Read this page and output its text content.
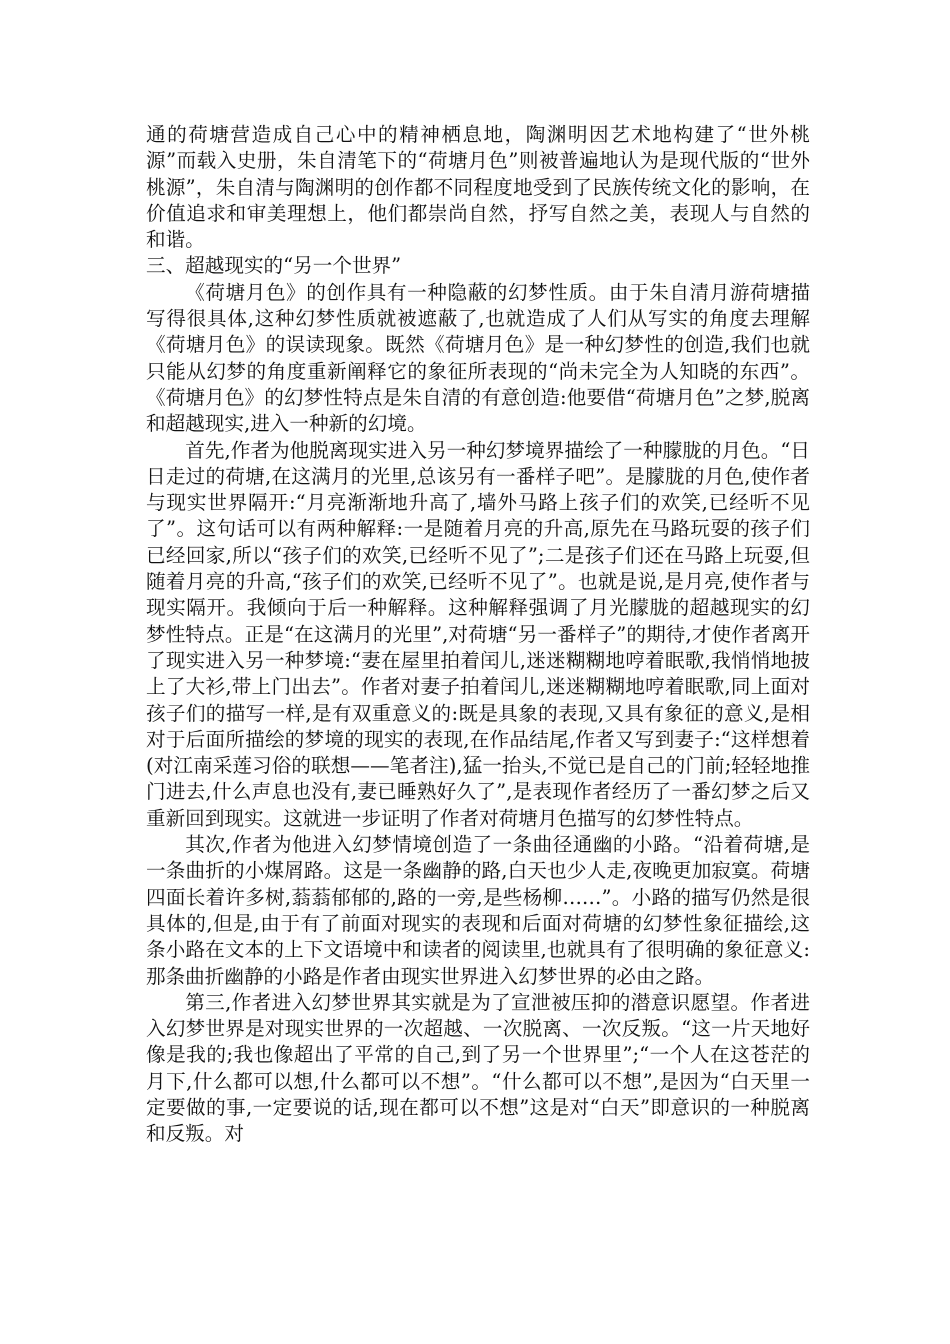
通的荷塘营造成自己心中的精神栖息地，陶渊明因艺术地构建了“世外桃源”而载入史册，朱自清笔下的“荷塘月色”则被普遍地认为是现代版的“世外桃源”，朱自清与陶渊明的创作都不同程度地受到了民族传统文化的影响，在价值追求和审美理想上，他们都崇尚自然，抒写自然之美，表现人与自然的和谐。

三、超越现实的“另一个世界”

《荷塘月色》的创作具有一种隐蔽的幻梦性质。由于朱自清月游荷塘描写得很具体,这种幻梦性质就被遮蔽了,也就造成了人们从写实的角度去理解《荷塘月色》的误读现象。既然《荷塘月色》是一种幻梦性的创造,我们也就只能从幻梦的角度重新阐释它的象征所表现的“尚未完全为人知晓的东西”。《荷塘月色》的幻梦性特点是朱自清的有意创造:他要借“荷塘月色”之梦,脱离和超越现实,进入一种新的幻境。

首先,作者为他脱离现实进入另一种幻梦境界描绘了一种朦胧的月色。“日日走过的荷塘,在这满月的光里,总该另有一番样子吧”。是朦胧的月色,使作者与现实世界隔开:“月亮渐渐地升高了,墙外马路上孩子们的欢笑,已经听不见了”。这句话可以有两种解释:一是随着月亮的升高,原先在马路玩耍的孩子们已经回家,所以“孩子们的欢笑,已经听不见了”;二是孩子们还在马路上玩耍,但随着月亮的升高,“孩子们的欢笑,已经听不见了”。也就是说,是月亮,使作者与现实隔开。我倾向于后一种解释。这种解释强调了月光朦胧的超越现实的幻梦性特点。正是“在这满月的光里”,对荷塘“另一番样子”的期待,才使作者离开了现实进入另一种梦境:“妻在屋里拍着闰儿,迷迷糊糊地哼着眠歌,我悄悄地披上了大衫,带上门出去”。作者对妻子拍着闰儿,迷迷糊糊地哼着眠歌,同上面对孩子们的描写一样,是有双重意义的:既是具象的表现,又具有象征的意义,是相对于后面所描绘的梦境的现实的表现,在作品结尾,作者又写到妻子:“这样想着(对江南采莲习俗的联想——笔者注),猛一抬头,不觉已是自己的门前;轻轻地推门进去,什么声息也没有,妻已睡熟好久了”,是表现作者经历了一番幻梦之后又重新回到现实。这就进一步证明了作者对荷塘月色描写的幻梦性特点。

其次,作者为他进入幻梦情境创造了一条曲径通幽的小路。“沿着荷塘,是一条曲折的小煤屑路。这是一条幽静的路,白天也少人走,夜晚更加寂寞。荷塘四面长着许多树,蓊蓊郁郁的,路的一旁,是些杨柳……”。小路的描写仍然是很具体的,但是,由于有了前面对现实的表现和后面对荷塘的幻梦性象征描绘,这条小路在文本的上下文语境中和读者的阅读里,也就具有了很明确的象征意义:那条曲折幽静的小路是作者由现实世界进入幻梦世界的必由之路。

第三,作者进入幻梦世界其实就是为了宣泄被压抑的潜意识愿望。作者进入幻梦世界是对现实世界的一次超越、一次脱离、一次反叛。“这一片天地好像是我的;我也像超出了平常的自己,到了另一个世界里”;“一个人在这苍茫的月下,什么都可以想,什么都可以不想”。“什么都可以不想”,是因为“白天里一定要做的事,一定要说的话,现在都可以不想”这是对“白天”即意识的一种脱离和反叛。对
